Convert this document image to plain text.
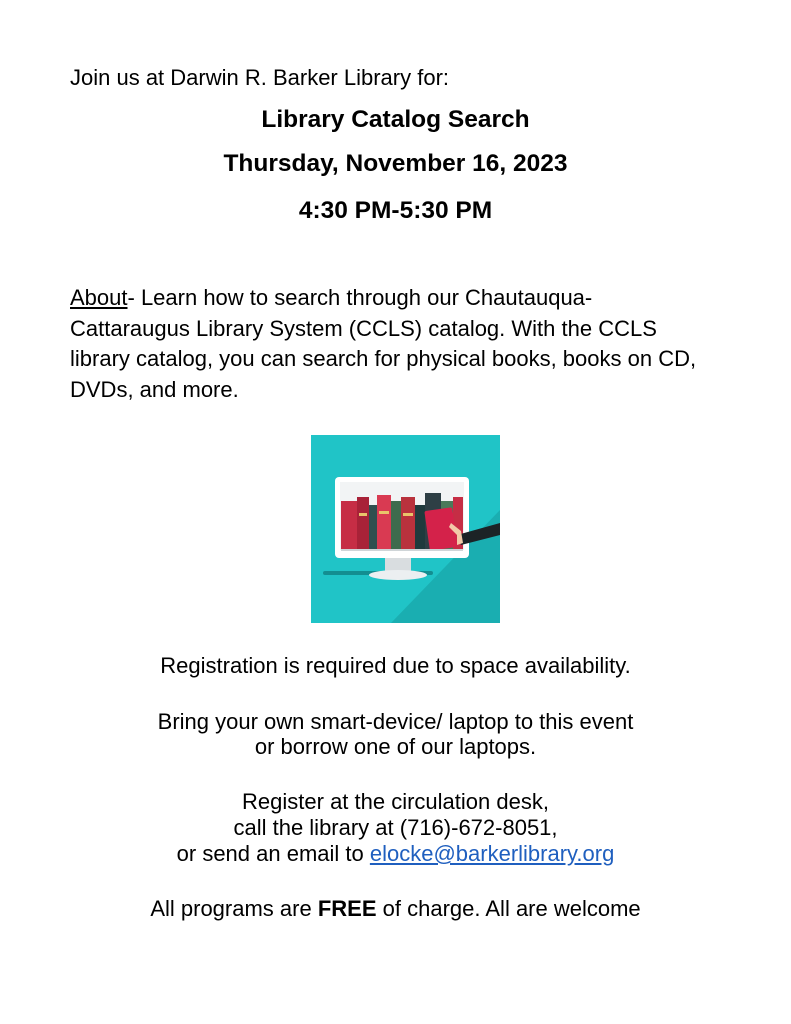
Join us at Darwin R. Barker Library for:
Library Catalog Search
Thursday, November 16, 2023
4:30 PM-5:30 PM
About- Learn how to search through our Chautauqua-Cattaraugus Library System (CCLS) catalog. With the CCLS library catalog, you can search for physical books, books on CD, DVDs, and more.
Registration is required due to space availability.
Bring your own smart-device/ laptop to this event
or borrow one of our laptops.
Register at the circulation desk,
call the library at (716)-672-8051,
or send an email to elocke@barkerlibrary.org
All programs are FREE of charge. All are welcome
